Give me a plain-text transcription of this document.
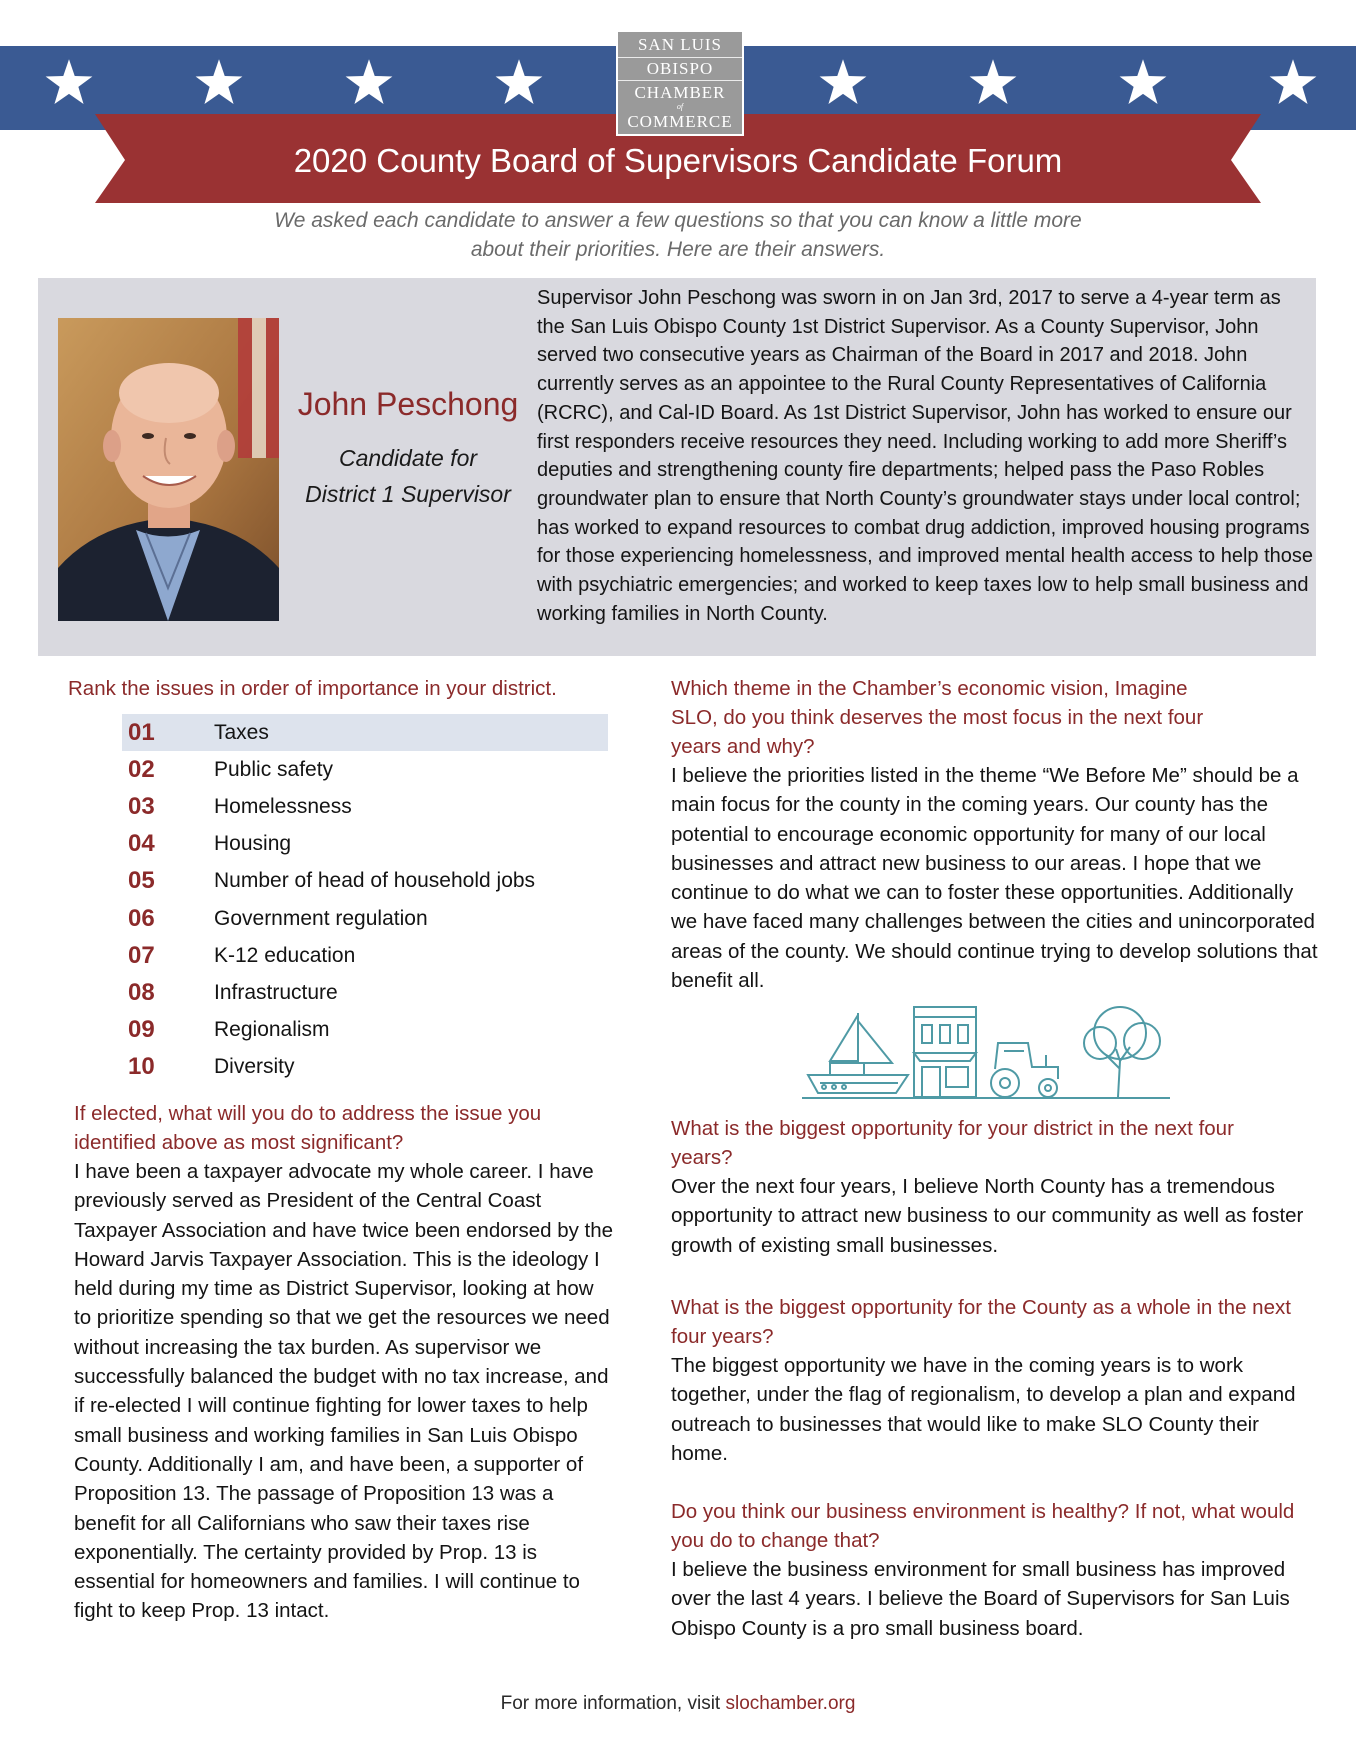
SAN LUIS
OBISPO
CHAMBER
of
COMMERCE
2020 County Board of Supervisors Candidate Forum
We asked each candidate to answer a few questions so that you can know a little more
about their priorities. Here are their answers.
John Peschong
Candidate for
District 1 Supervisor
Supervisor John Peschong was sworn in on Jan 3rd, 2017 to serve a 4-year term as the San Luis Obispo County 1st District Supervisor. As a County Supervisor, John served two consecutive years as Chairman of the Board in 2017 and 2018. John currently serves as an appointee to the Rural County Representatives of California (RCRC), and Cal-ID Board. As 1st District Supervisor, John has worked to ensure our first responders receive resources they need. Including working to add more Sheriff’s deputies and strengthening county fire departments; helped pass the Paso Robles groundwater plan to ensure that North County’s groundwater stays under local control; has worked to expand resources to combat drug addiction, improved housing programs for those experiencing homelessness, and improved mental health access to help those with psychiatric emergencies; and worked to keep taxes low to help small business and working families in North County.
Rank the issues in order of importance in your district.
01	Taxes
02	Public safety
03	Homelessness
04	Housing
05	Number of head of household jobs
06	Government regulation
07	K-12 education
08	Infrastructure
09	Regionalism
10	Diversity
If elected, what will you do to address the issue you identified above as most significant?
I have been a taxpayer advocate my whole career. I have previously served as President of the Central Coast Taxpayer Association and have twice been endorsed by the Howard Jarvis Taxpayer Association. This is the ideology I held during my time as District Supervisor, looking at how to prioritize spending so that we get the resources we need without increasing the tax burden. As supervisor we successfully balanced the budget with no tax increase, and if re-elected I will continue fighting for lower taxes to help small business and working families in San Luis Obispo County. Additionally I am, and have been, a supporter of Proposition 13. The passage of Proposition 13 was a benefit for all Californians who saw their taxes rise exponentially. The certainty provided by Prop. 13 is essential for homeowners and families. I will continue to fight to keep Prop. 13 intact.
Which theme in the Chamber’s economic vision, Imagine SLO, do you think deserves the most focus in the next four years and why?
I believe the priorities listed in the theme “We Before Me” should be a main focus for the county in the coming years. Our county has the potential to encourage economic opportunity for many of our local businesses and attract new business to our areas. I hope that we continue to do what we can to foster these opportunities. Additionally we have faced many challenges between the cities and unincorporated areas of the county. We should continue trying to develop solutions that benefit all.
What is the biggest opportunity for your district in the next four years?
Over the next four years, I believe North County has a tremendous opportunity to attract new business to our community as well as foster growth of existing small businesses.
What is the biggest opportunity for the County as a whole in the next four years?
The biggest opportunity we have in the coming years is to work together, under the flag of regionalism, to develop a plan and expand outreach to businesses that would like to make SLO County their home.
Do you think our business environment is healthy? If not, what would you do to change that?
I believe the business environment for small business has improved over the last 4 years. I believe the Board of Supervisors for San Luis Obispo County is a pro small business board.
For more information, visit slochamber.org
